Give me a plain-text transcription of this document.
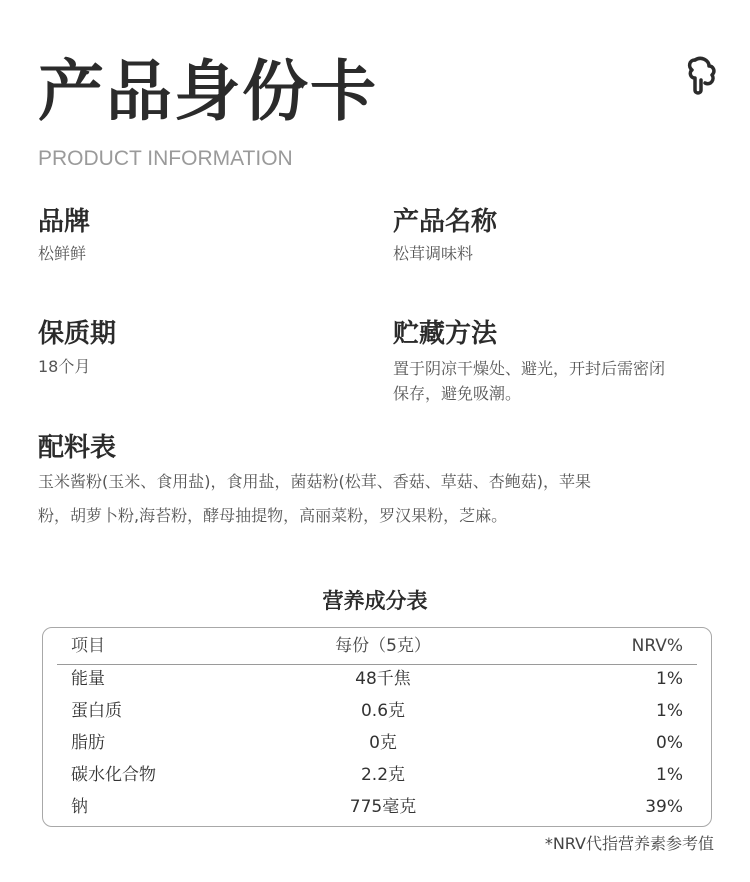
产品身份卡
PRODUCT INFORMATION
品牌
松鲜鲜
产品名称
松茸调味料
保质期
18个月
贮藏方法
置于阴凉干燥处、避光，开封后需密闭
保存，避免吸潮。
配料表
玉米酱粉(玉米、食用盐)，食用盐，菌菇粉(松茸、香菇、草菇、杏鲍菇)，苹果
粉，胡萝卜粉,海苔粉，酵母抽提物，高丽菜粉，罗汉果粉，芝麻。
营养成分表
项目	每份（5克）	NRV%
能量	48千焦	1%
蛋白质	0.6克	1%
脂肪	0克	0%
碳水化合物	2.2克	1%
钠	775毫克	39%
*NRV代指营养素参考值
